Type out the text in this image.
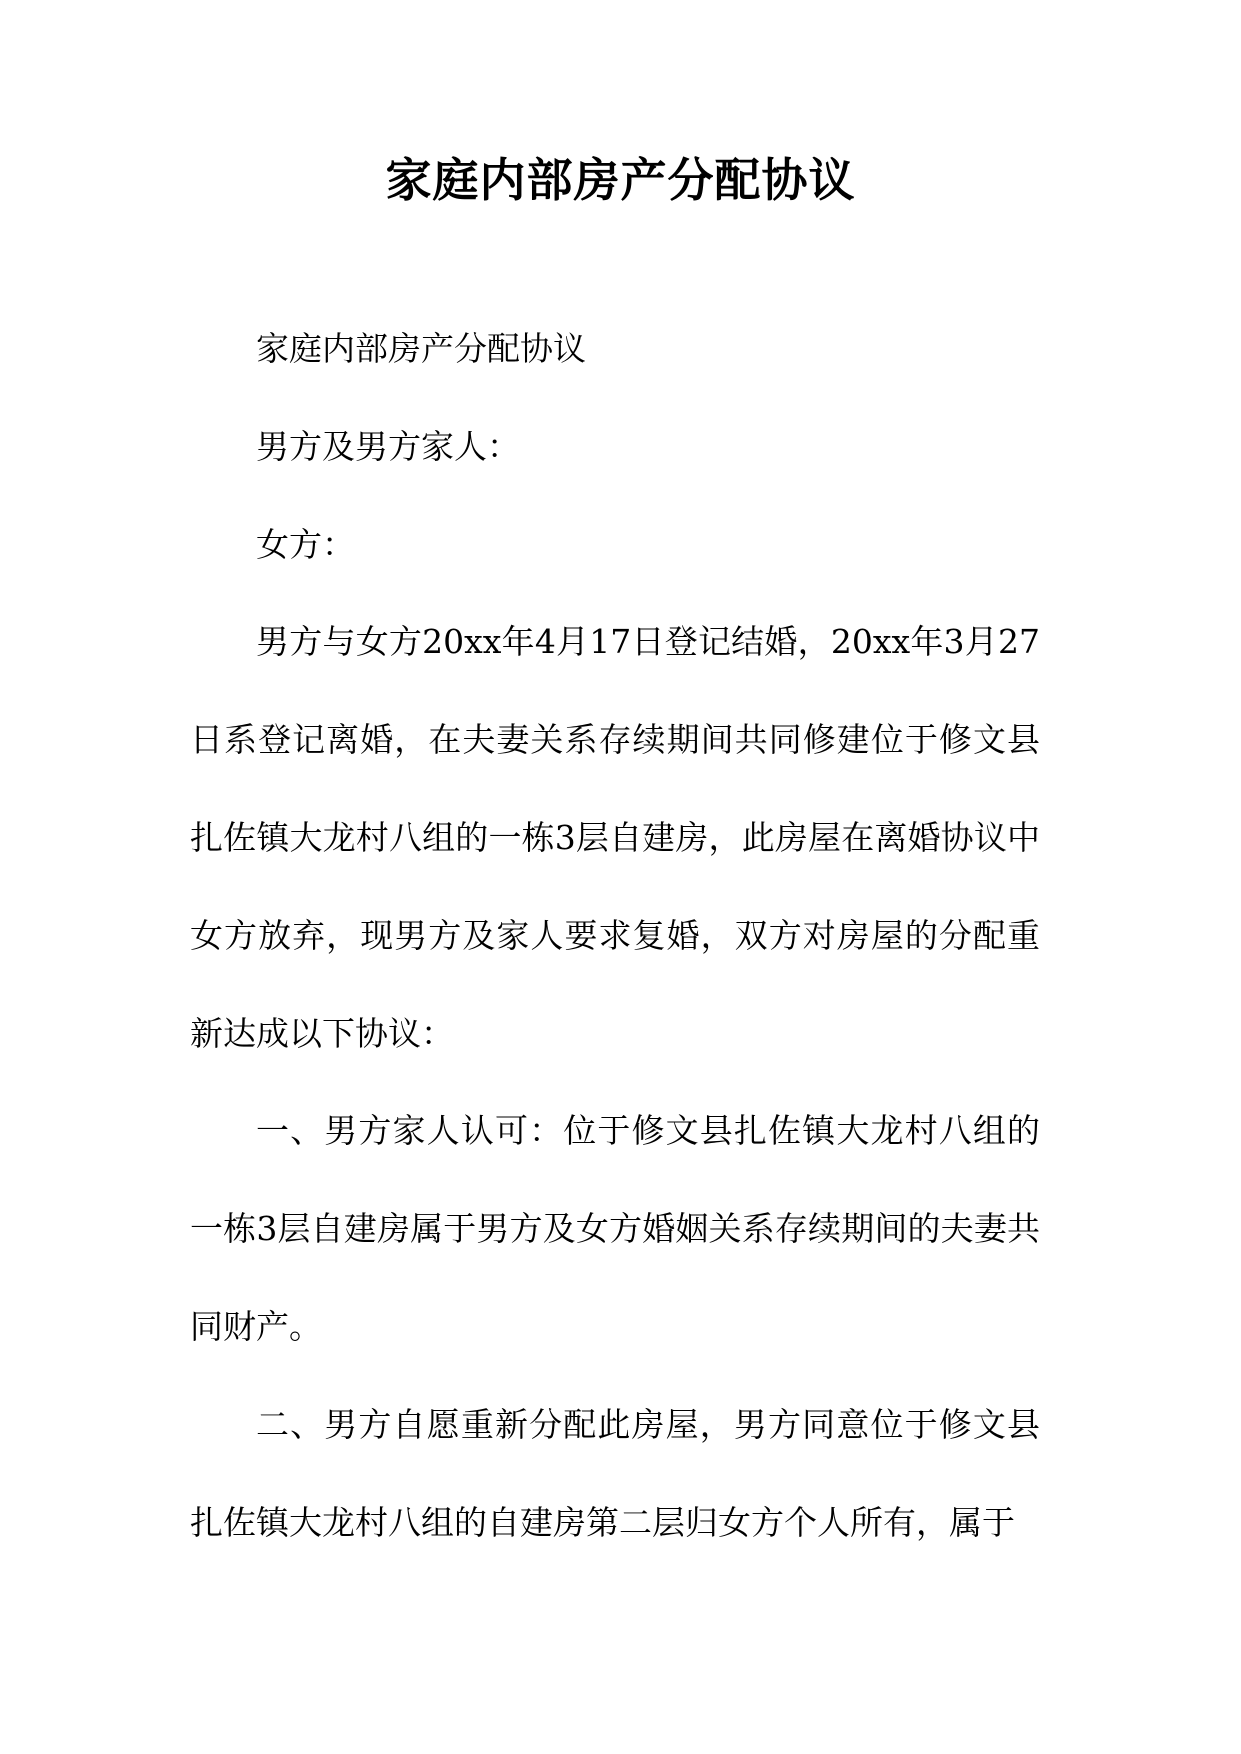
家庭内部房产分配协议

家庭内部房产分配协议

男方及男方家人：

女方：

男方与女方20xx年4月17日登记结婚，20xx年3月27日系登记离婚，在夫妻关系存续期间共同修建位于修文县扎佐镇大龙村八组的一栋3层自建房，此房屋在离婚协议中女方放弃，现男方及家人要求复婚，双方对房屋的分配重新达成以下协议：

一、男方家人认可：位于修文县扎佐镇大龙村八组的一栋3层自建房属于男方及女方婚姻关系存续期间的夫妻共同财产。

二、男方自愿重新分配此房屋，男方同意位于修文县扎佐镇大龙村八组的自建房第二层归女方个人所有，属于
